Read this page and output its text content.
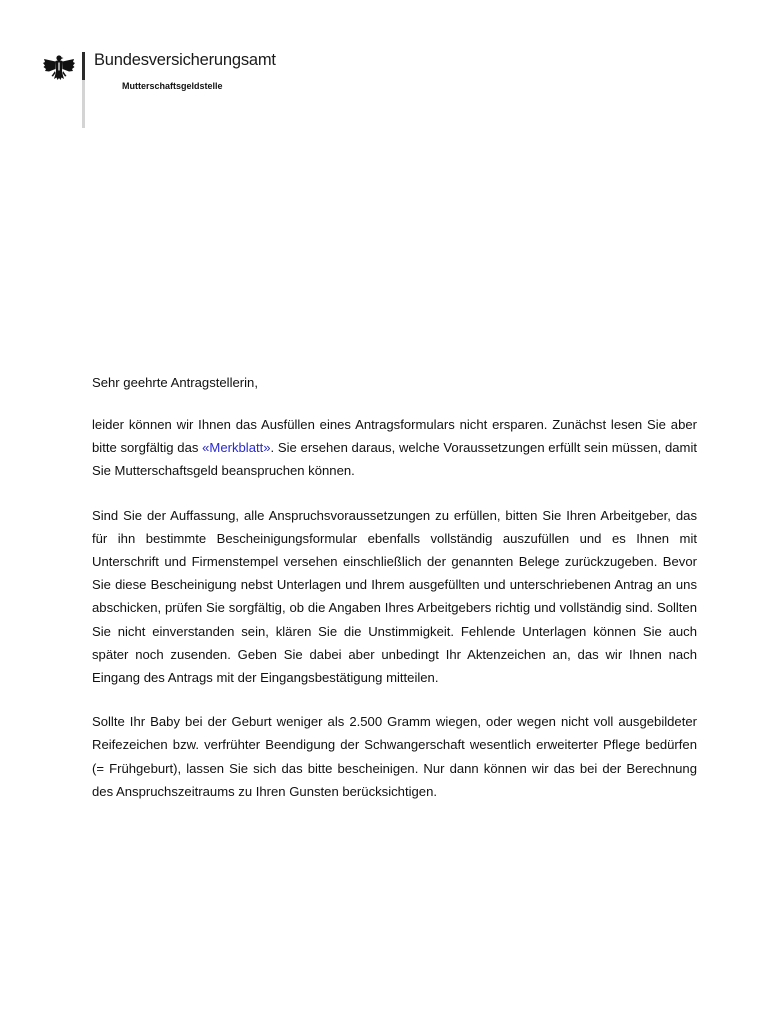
Bundesversicherungsamt
Mutterschaftsgeldstelle

Sehr geehrte Antragstellerin,

leider können wir Ihnen das Ausfüllen eines Antragsformulars nicht ersparen. Zunächst lesen Sie aber bitte sorgfältig das «Merkblatt». Sie ersehen daraus, welche Voraussetzungen erfüllt sein müssen, damit Sie Mutterschaftsgeld beanspruchen können.

Sind Sie der Auffassung, alle Anspruchsvoraussetzungen zu erfüllen, bitten Sie Ihren Arbeitgeber, das für ihn bestimmte Bescheinigungsformular ebenfalls vollständig auszufüllen und es Ihnen mit Unterschrift und Firmenstempel versehen einschließlich der genannten Belege zurückzugeben. Bevor Sie diese Bescheinigung nebst Unterlagen und Ihrem ausgefüllten und unterschriebenen Antrag an uns abschicken, prüfen Sie sorgfältig, ob die Angaben Ihres Arbeitgebers richtig und vollständig sind. Sollten Sie nicht einverstanden sein, klären Sie die Unstimmigkeit. Fehlende Unterlagen können Sie auch später noch zusenden. Geben Sie dabei aber unbedingt Ihr Aktenzeichen an, das wir Ihnen nach Eingang des Antrags mit der Eingangsbestätigung mitteilen.

Sollte Ihr Baby bei der Geburt weniger als 2.500 Gramm wiegen, oder wegen nicht voll ausgebildeter Reifezeichen bzw. verfrühter Beendigung der Schwangerschaft wesentlich erweiterter Pflege bedürfen (= Frühgeburt), lassen Sie sich das bitte bescheinigen. Nur dann können wir das bei der Berechnung des Anspruchszeitraums zu Ihren Gunsten berücksichtigen.
